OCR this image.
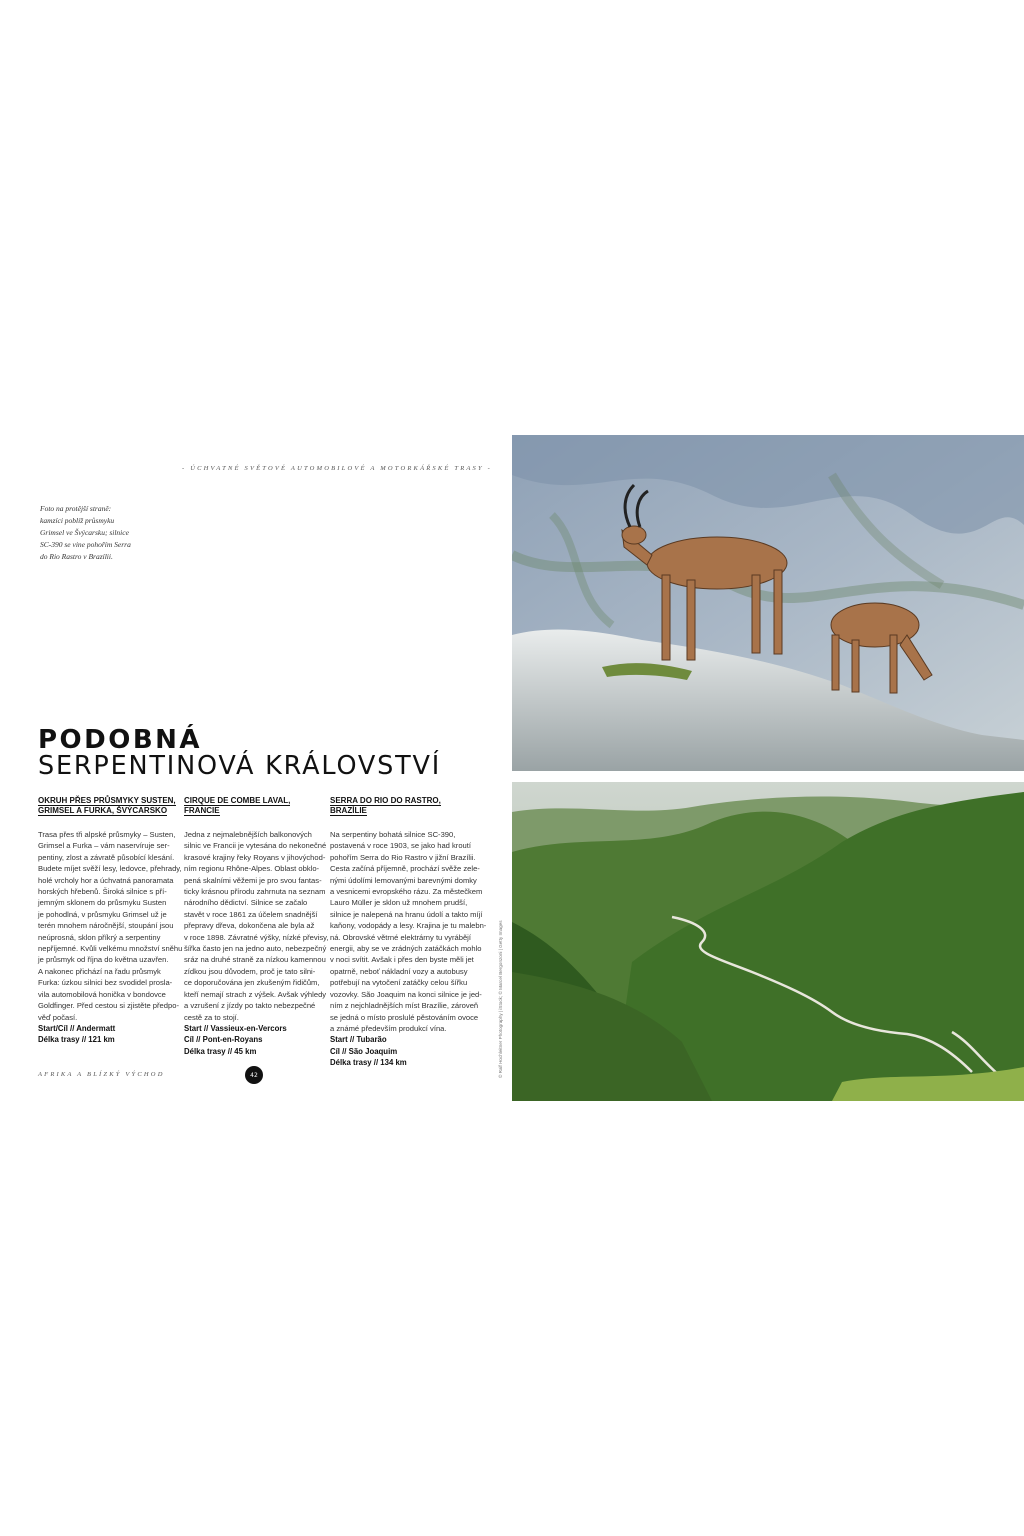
- ÚCHVATNÉ SVĚTOVÉ AUTOMOBILOVÉ A MOTORKÁŘSKÉ TRASY -
Foto na protější straně:
kamzíci poblíž průsmyku
Grimsel ve Švýcarsku; silnice
SC-390 se vine pohořím Serra
do Rio Rastro v Brazílii.
PODOBNÁ
SERPENTINOVÁ KRÁLOVSTVÍ
OKRUH PŘES PRŮSMYKY SUSTEN,
GRIMSEL A FURKA, ŠVÝCARSKO
Trasa přes tři alpské průsmyky – Susten,
Grimsel a Furka – vám naservíruje ser-
pentiny, zlost a závratě působící klesání.
Budete míjet svěží lesy, ledovce, přehrady,
holé vrcholy hor a úchvatná panoramata
horských hřebenů. Široká silnice s pří-
jemným sklonem do průsmyku Susten
je pohodlná, v průsmyku Grimsel už je
terén mnohem náročnější, stoupání jsou
neúprosná, sklon příkrý a serpentiny
nepříjemné. Kvůli velkému množství sněhu
je průsmyk od října do května uzavřen.
A nakonec přichází na řadu průsmyk
Furka: úzkou silnici bez svodidel proslа-
vila automobilová honička v bondovce
Goldfinger. Před cestou si zjistěte předpo-
věď počasí.
Start/Cíl // Andermatt
Délka trasy // 121 km
CIRQUE DE COMBE LAVAL,
FRANCIE
Jedna z nejmalebnějších balkonových
silnic ve Francii je vytesána do nekonečné
krasové krajiny řeky Royans v jihovýchod-
ním regionu Rhône-Alpes. Oblast obklo-
pená skalními věžemi je pro svou fantas-
tickу krásnou přírodu zahrnuta na seznam
národního dědictví. Silnice se začalo
stavět v roce 1861 za účelem snadnější
přepravy dřeva, dokončena ale byla až
v roce 1898. Závratné výšky, nízké převisy,
šířka často jen na jedno auto, nebezpečný
sráz na druhé straně za nízkou kamennou
zídkou jsou důvodem, proč je tato silni-
ce doporučována jen zkušeným řidičům,
kteří nemají strach z výšek. Avšak výhledy
a vzrušení z jízdy po takto nebezpečné
cestě za to stojí.
Start // Vassieux-en-Vercors
Cíl // Pont-en-Royans
Délka trasy // 45 km
SERRA DO RIO DO RASTRO,
BRAZÍLIE
Na serpentiny bohatá silnice SC-390,
postavená v roce 1903, se jako had kroutí
pohořím Serra do Rio Rastro v jižní Brazílii.
Cesta začíná příjemně, prochází svěže zele-
nými údolími lemovanými barevnými domky
a vesnicemi evropského rázu. Za městečkem
Lauro Müller je sklon už mnohem prudší,
silnice je nalepená na hranu údolí a takto míjí
kaňony, vodopády a lesy. Krajina je tu malebn-
ná. Obrovské větrné elektrárny tu vyrábějí
energii, aby se ve zrádných zatáčkách mohlo
v noci svítit. Avšak i přes den byste měli jet
opatrně, neboť nákladní vozy a autobusy
potřebují na vytočení zatáčky celou šířku
vozovky. São Joaquim na konci silnice je jed-
ním z nejchladnějších míst Brazílie, zároveň
se jedná o místo proslulé pěstováním ovoce
a známé především produkcí vína.
Start // Tubarão
Cíl // São Joaquim
Délka trasy // 134 km
AFRIKA A BLÍZKÝ VÝCHOD	42	© Ralf Hochleitner Photography | iStock; © Marcel Bergonzoni | Getty Images
